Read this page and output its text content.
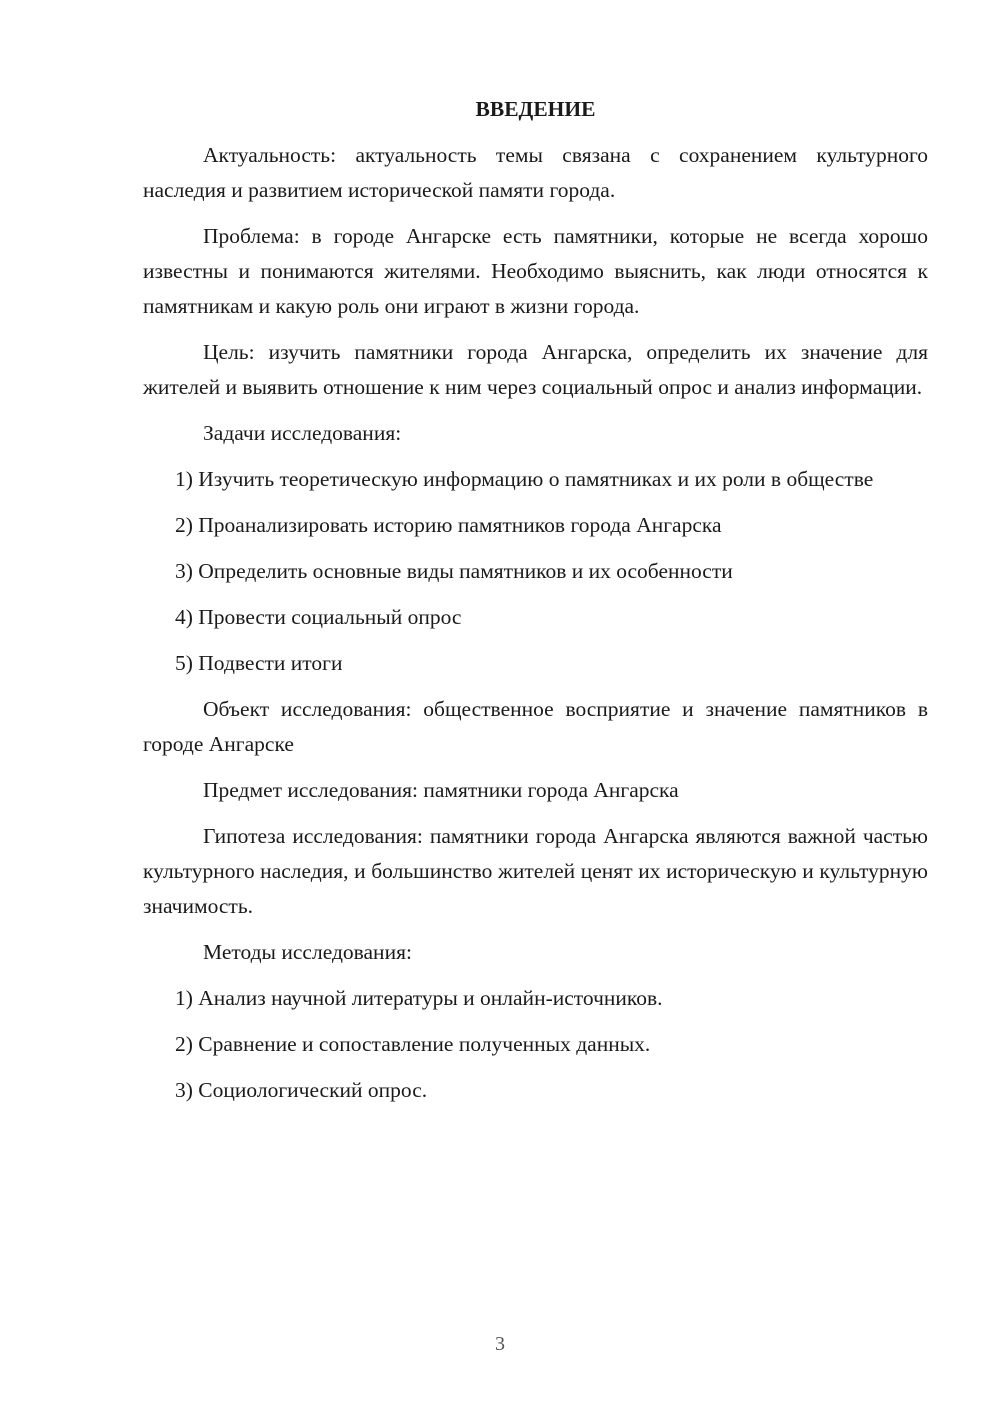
ВВЕДЕНИЕ

Актуальность: актуальность темы связана с сохранением культурного наследия и развитием исторической памяти города.

Проблема: в городе Ангарске есть памятники, которые не всегда хорошо известны и понимаются жителями. Необходимо выяснить, как люди относятся к памятникам и какую роль они играют в жизни города.

Цель: изучить памятники города Ангарска, определить их значение для жителей и выявить отношение к ним через социальный опрос и анализ информации.

Задачи исследования:

1) Изучить теоретическую информацию о памятниках и их роли в обществе

2) Проанализировать историю памятников города Ангарска

3) Определить основные виды памятников и их особенности

4) Провести социальный опрос

5) Подвести итоги

Объект исследования: общественное восприятие и значение памятников в городе Ангарске

Предмет исследования: памятники города Ангарска

Гипотеза исследования: памятники города Ангарска являются важной частью культурного наследия, и большинство жителей ценят их историческую и культурную значимость.

Методы исследования:

1) Анализ научной литературы и онлайн-источников.

2) Сравнение и сопоставление полученных данных.

3) Социологический опрос.

3
